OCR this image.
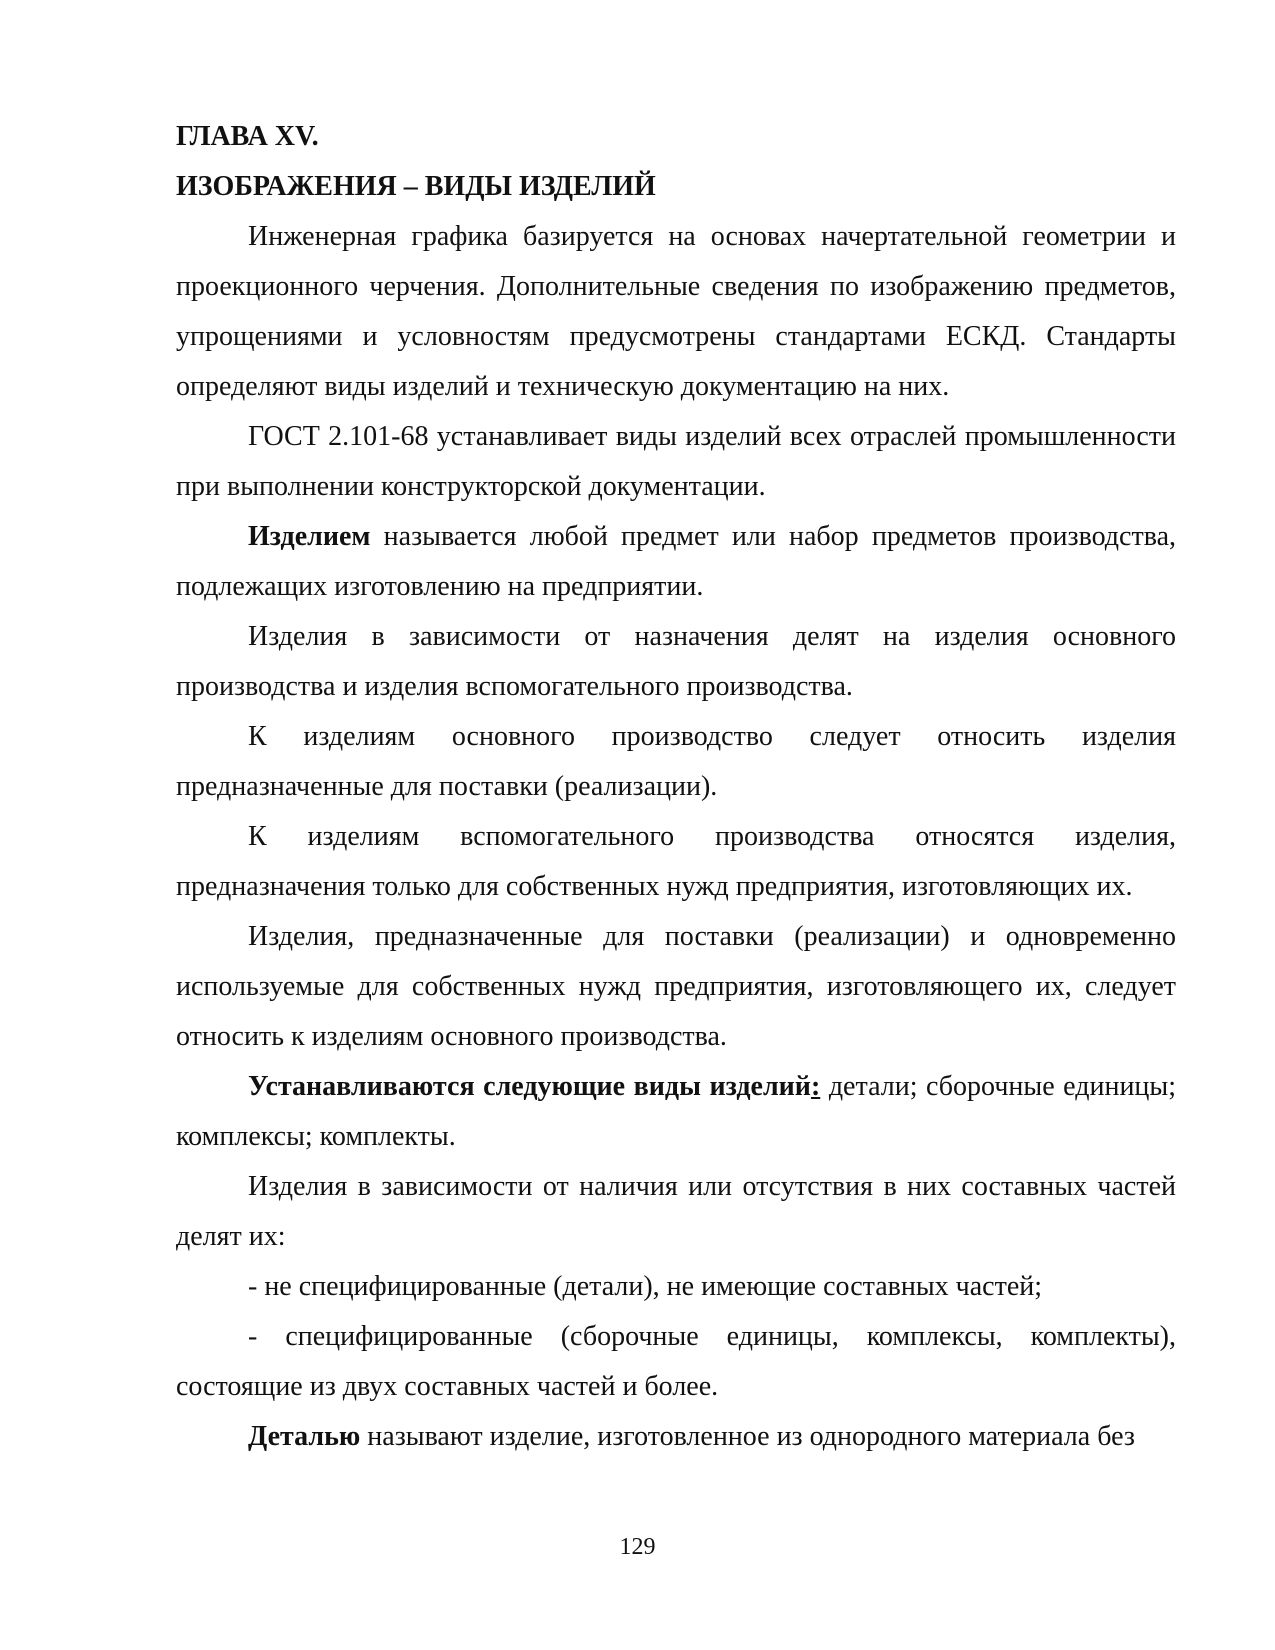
ГЛАВА XV.

ИЗОБРАЖЕНИЯ – ВИДЫ ИЗДЕЛИЙ

Инженерная графика базируется на основах начертательной геометрии и проекционного черчения. Дополнительные сведения по изображению предметов, упрощениями и условностям предусмотрены стандартами ЕСКД. Стандарты определяют виды изделий и техническую документацию на них.

ГОСТ 2.101-68 устанавливает виды изделий всех отраслей промышленности при выполнении конструкторской документации.

Изделием называется любой предмет или набор предметов производства, подлежащих изготовлению на предприятии.

Изделия в зависимости от назначения делят на изделия основного производства и изделия вспомогательного производства.

К изделиям основного производство следует относить изделия предназначенные для поставки (реализации).

К изделиям вспомогательного производства относятся изделия, предназначения только для собственных нужд предприятия, изготовляющих их.

Изделия, предназначенные для поставки (реализации) и одновременно используемые для собственных нужд предприятия, изготовляющего их, следует относить к изделиям основного производства.

Устанавливаются следующие виды изделий: детали; сборочные единицы; комплексы; комплекты.

Изделия в зависимости от наличия или отсутствия в них составных частей делят их:

- не специфицированные (детали), не имеющие составных частей;

- специфицированные (сборочные единицы, комплексы, комплекты), состоящие из двух составных частей и более.

Деталью называют изделие, изготовленное из однородного материала без

129
